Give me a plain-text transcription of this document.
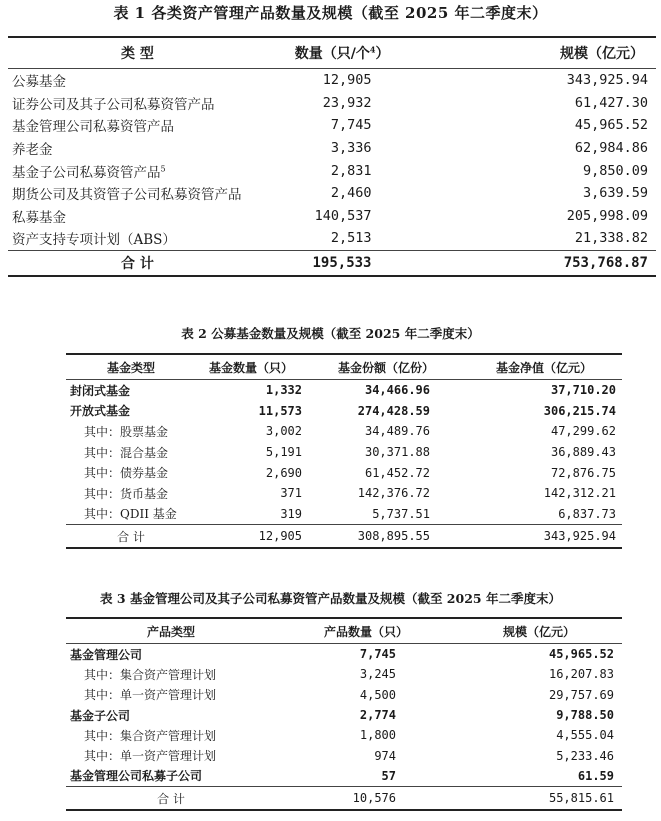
表 1 各类资产管理产品数量及规模（截至 2025 年二季度末）
类 型	数量（只/个$^4$）	规模（亿元）
公募基金	12,905	343,925.94
证券公司及其子公司私募资管产品	23,932	61,427.30
基金管理公司私募资管产品	7,745	45,965.52
养老金	3,336	62,984.86
基金子公司私募资管产品$^5$	2,831	9,850.09
期货公司及其资管子公司私募资管产品	2,460	3,639.59
私募基金	140,537	205,998.09
资产支持专项计划（ABS）	2,513	21,338.82
合 计	195,533	753,768.87
表 2 公募基金数量及规模（截至 2025 年二季度末）
基金类型	基金数量（只）	基金份额（亿份）	基金净值（亿元）
封闭式基金	1,332	34,466.96	37,710.20
开放式基金	11,573	274,428.59	306,215.74
其中：股票基金	3,002	34,489.76	47,299.62
其中：混合基金	5,191	30,371.88	36,889.43
其中：债券基金	2,690	61,452.72	72,876.75
其中：货币基金	371	142,376.72	142,312.21
其中：QDII 基金	319	5,737.51	6,837.73
合 计	12,905	308,895.55	343,925.94
表 3 基金管理公司及其子公司私募资管产品数量及规模（截至 2025 年二季度末）
产品类型	产品数量（只）	规模（亿元）
基金管理公司	7,745	45,965.52
其中：集合资产管理计划	3,245	16,207.83
其中：单一资产管理计划	4,500	29,757.69
基金子公司	2,774	9,788.50
其中：集合资产管理计划	1,800	4,555.04
其中：单一资产管理计划	974	5,233.46
基金管理公司私募子公司	57	61.59
合 计	10,576	55,815.61
